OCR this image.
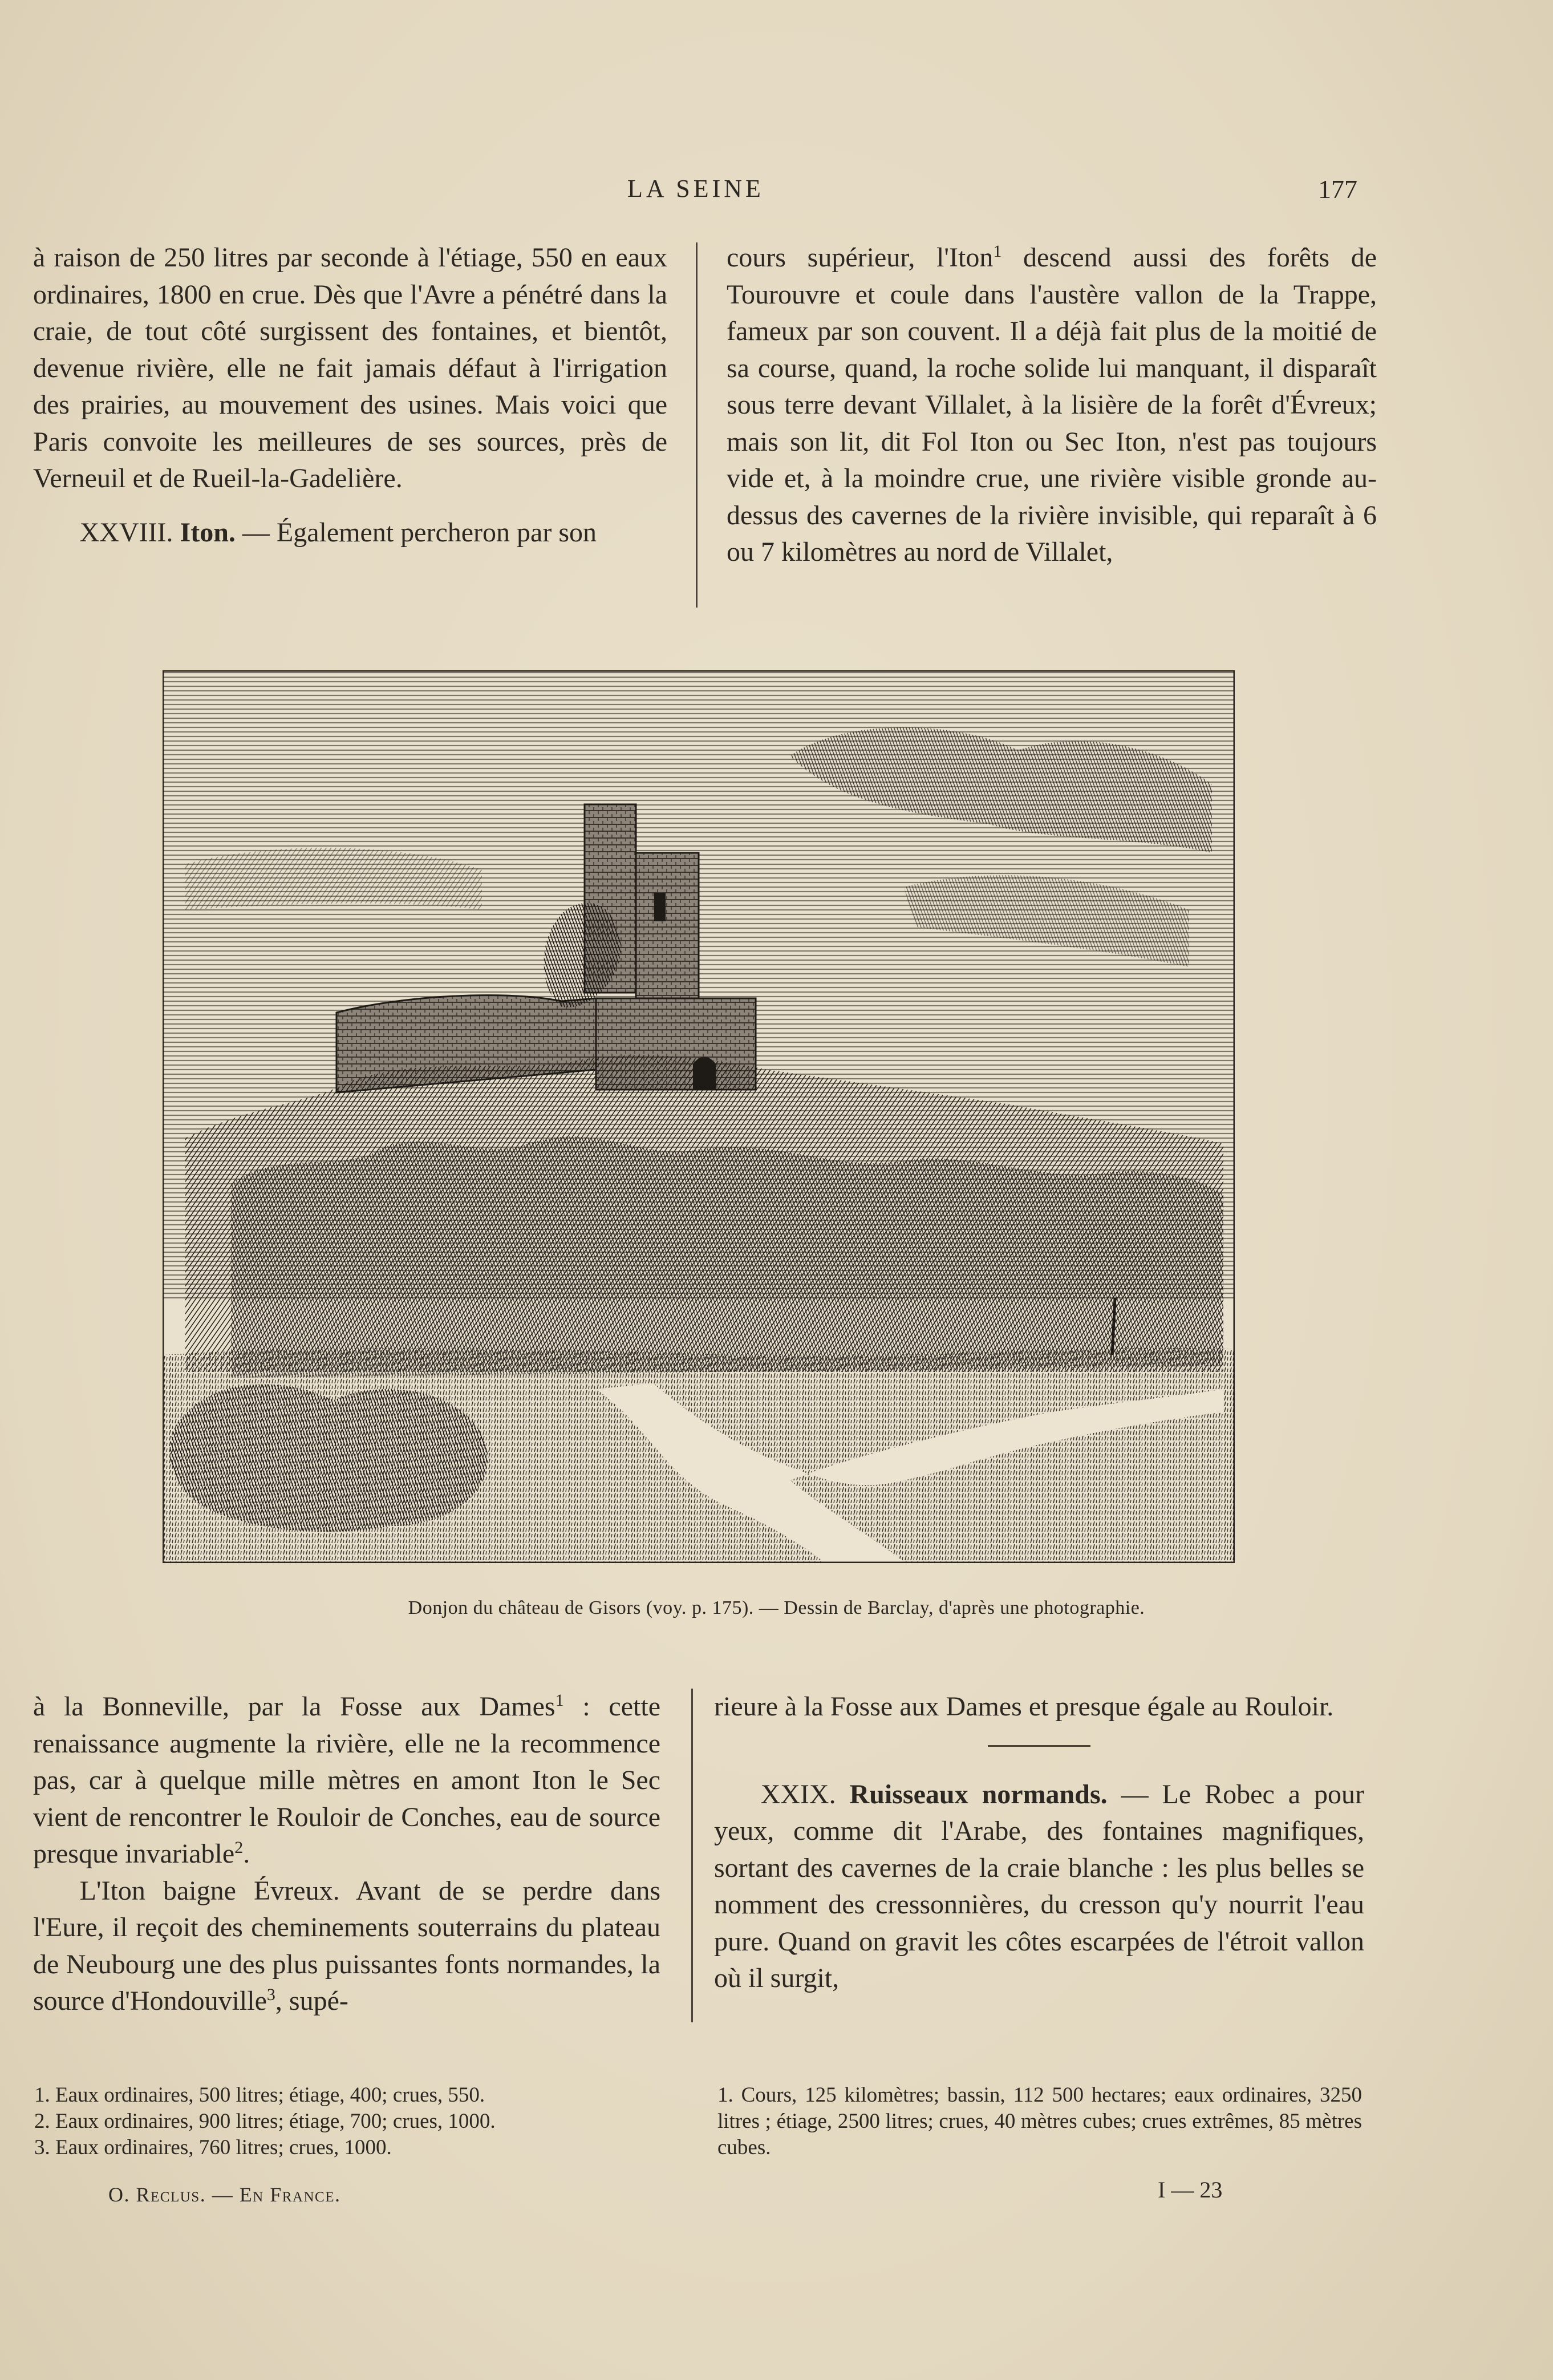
LA SEINE	177

à raison de 250 litres par seconde à l'étiage, 550 en eaux ordinaires, 1800 en crue. Dès que l'Avre a pénétré dans la craie, de tout côté surgissent des fontaines, et bientôt, devenue rivière, elle ne fait jamais défaut à l'irrigation des prairies, au mouvement des usines. Mais voici que Paris convoite les meilleures de ses sources, près de Verneuil et de Rueil-la-Gadelière.

XXVIII. Iton. — Également percheron par son

cours supérieur, l'Iton$^1$ descend aussi des forêts de Tourouvre et coule dans l'austère vallon de la Trappe, fameux par son couvent. Il a déjà fait plus de la moitié de sa course, quand, la roche solide lui manquant, il disparaît sous terre devant Villalet, à la lisière de la forêt d'Évreux; mais son lit, dit Fol Iton ou Sec Iton, n'est pas toujours vide et, à la moindre crue, une rivière visible gronde au-dessus des cavernes de la rivière invisible, qui reparaît à 6 ou 7 kilomètres au nord de Villalet,

Donjon du château de Gisors (voy. p. 175). — Dessin de Barclay, d'après une photographie.

à la Bonneville, par la Fosse aux Dames$^1$ : cette renaissance augmente la rivière, elle ne la recommence pas, car à quelque mille mètres en amont Iton le Sec vient de rencontrer le Rouloir de Conches, eau de source presque invariable$^2$.

L'Iton baigne Évreux. Avant de se perdre dans l'Eure, il reçoit des cheminements souterrains du plateau de Neubourg une des plus puissantes fonts normandes, la source d'Hondouville$^3$, supé-

rieure à la Fosse aux Dames et presque égale au Rouloir.

XXIX. Ruisseaux normands. — Le Robec a pour yeux, comme dit l'Arabe, des fontaines magnifiques, sortant des cavernes de la craie blanche : les plus belles se nomment des cressonnières, du cresson qu'y nourrit l'eau pure. Quand on gravit les côtes escarpées de l'étroit vallon où il surgit,

1. Eaux ordinaires, 500 litres; étiage, 400; crues, 550.

2. Eaux ordinaires, 900 litres; étiage, 700; crues, 1000.

3. Eaux ordinaires, 760 litres; crues, 1000.

1. Cours, 125 kilomètres; bassin, 112 500 hectares; eaux ordinaires, 3250 litres ; étiage, 2500 litres; crues, 40 mètres cubes; crues extrêmes, 85 mètres cubes.

O. Reclus. — En France.	I — 23
